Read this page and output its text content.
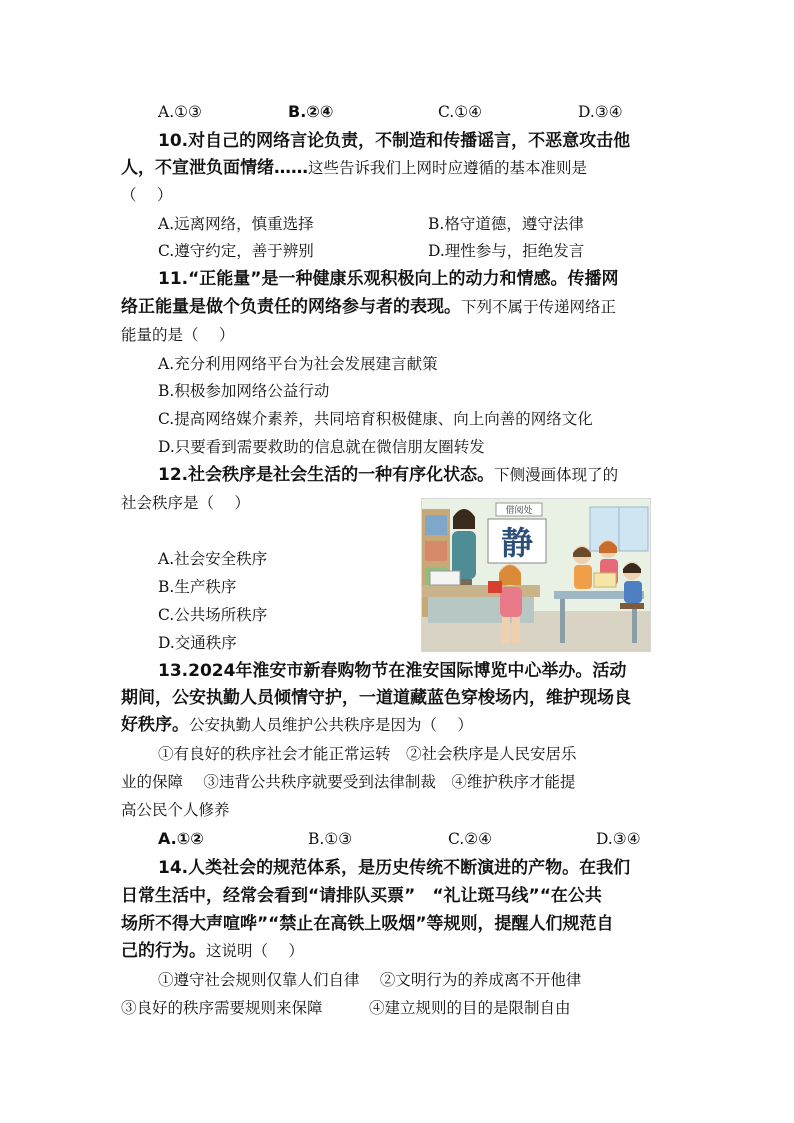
A.①③	B.②④	C.①④	D.③④
10.对自己的网络言论负责，不制造和传播谣言，不恶意攻击他
人，不宣泄负面情绪……这些告诉我们上网时应遵循的基本准则是
（　 ）
A.远离网络，慎重选择	B.格守道德，遵守法律
C.遵守约定，善于辨别	D.理性参与，拒绝发言
11.“正能量”是一种健康乐观积极向上的动力和情感。传播网
络正能量是做个负责任的网络参与者的表现。下列不属于传递网络正
能量的是（　 ）
A.充分利用网络平台为社会发展建言献策
B.积极参加网络公益行动
C.提高网络媒介素养，共同培育积极健康、向上向善的网络文化
D.只要看到需要救助的信息就在微信朋友圈转发
12.社会秩序是社会生活的一种有序化状态。下侧漫画体现了的
社会秩序是（　 ）
A.社会安全秩序
B.生产秩序
C.公共场所秩序
D.交通秩序
借阅处
静
13.2024年淮安市新春购物节在淮安国际博览中心举办。活动
期间，公安执勤人员倾情守护，一道道藏蓝色穿梭场内，维护现场良
好秩序。公安执勤人员维护公共秩序是因为（　 ）
①有良好的秩序社会才能正常运转　②社会秩序是人民安居乐
业的保障　 ③违背公共秩序就要受到法律制裁　④维护秩序才能提
高公民个人修养
A.①②	B.①③	C.②④	D.③④
14.人类社会的规范体系，是历史传统不断演进的产物。在我们
日常生活中，经常会看到“请排队买票”　“礼让斑马线”“在公共
场所不得大声喧哗”“禁止在高铁上吸烟”等规则，提醒人们规范自
己的行为。这说明（　 ）
①遵守社会规则仅靠人们自律　 ②文明行为的养成离不开他律
③良好的秩序需要规则来保障　　　④建立规则的目的是限制自由
